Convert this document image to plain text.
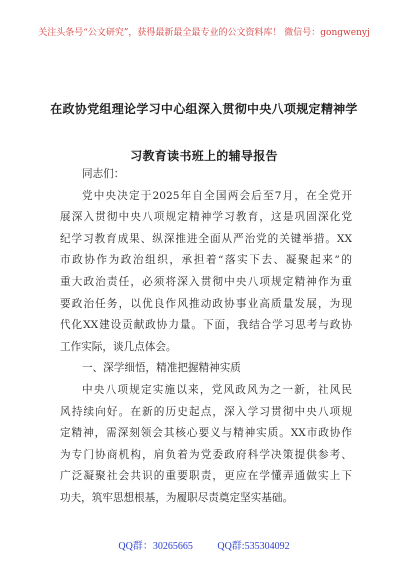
关注头条号“公文研究”，获得最新最全最专业的公文资料库！ 微信号：gongwenyj
在政协党组理论学习中心组深入贯彻中央八项规定精神学
习教育读书班上的辅导报告
同志们：
党中央决定于2025年自全国两会后至7月，在全党开
展深入贯彻中央八项规定精神学习教育，这是巩固深化党
纪学习教育成果、纵深推进全面从严治党的关键举措。XX
市政协作为政治组织，承担着“落实下去、凝聚起来”的
重大政治责任，必须将深入贯彻中央八项规定精神作为重
要政治任务，以优良作风推动政协事业高质量发展，为现
代化XX建设贡献政协力量。下面，我结合学习思考与政协
工作实际，谈几点体会。
一、深学细悟，精准把握精神实质
中央八项规定实施以来，党风政风为之一新，社风民
风持续向好。在新的历史起点，深入学习贯彻中央八项规
定精神，需深刻领会其核心要义与精神实质。XX市政协作
为专门协商机构，肩负着为党委政府科学决策提供参考、
广泛凝聚社会共识的重要职责，更应在学懂弄通做实上下
功夫，筑牢思想根基，为履职尽责奠定坚实基础。
QQ群：30265665 QQ群:535304092
